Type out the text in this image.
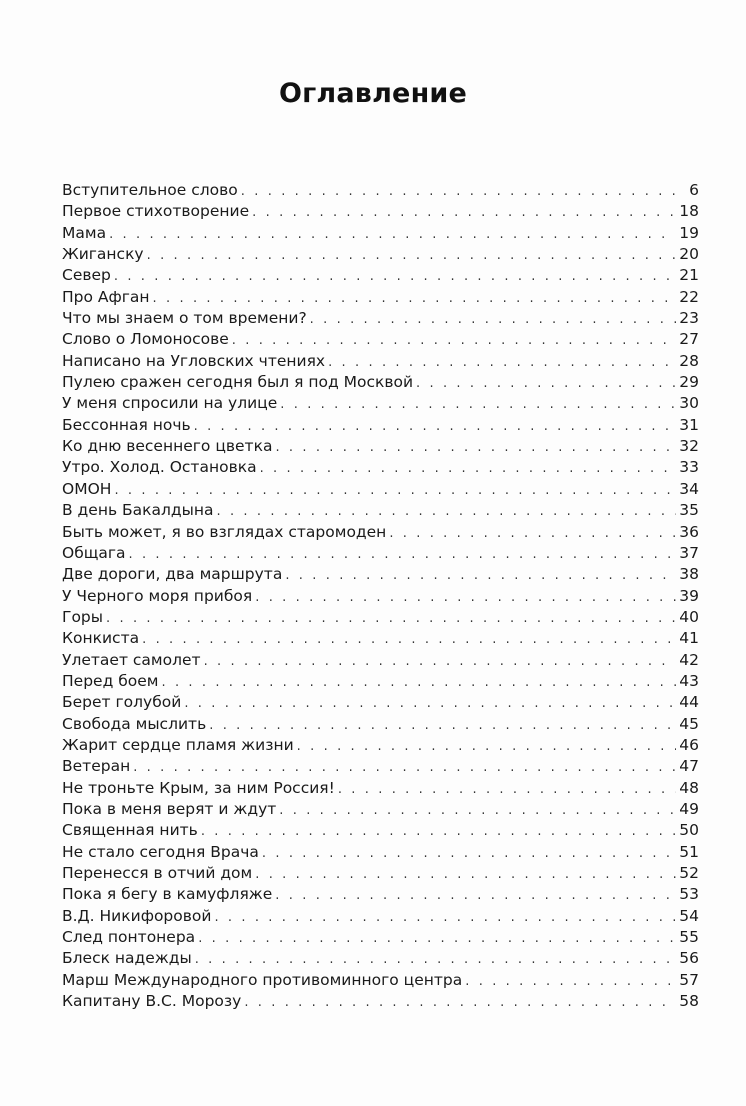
Оглавление
Вступительное слово . . .	6
Первое стихотворение . . .	18
Мама . . .	19
Жиганску . . .	20
Север . . .	21
Про Афган . . .	22
Что мы знаем о том времени? . . .	23
Слово о Ломоносове . . .	27
Написано на Угловских чтениях . . .	28
Пулею сражен сегодня был я под Москвой . . .	29
У меня спросили на улице . . .	30
Бессонная ночь . . .	31
Ко дню весеннего цветка . . .	32
Утро. Холод. Остановка . . .	33
ОМОН . . .	34
В день Бакалдына . . .	35
Быть может, я во взглядах старомоден . . .	36
Общага . . .	37
Две дороги, два маршрута . . .	38
У Черного моря прибоя . . .	39
Горы . . .	40
Конкиста . . .	41
Улетает самолет . . .	42
Перед боем . . .	43
Берет голубой . . .	44
Свобода мыслить . . .	45
Жарит сердце пламя жизни . . .	46
Ветеран . . .	47
Не троньте Крым, за ним Россия! . . .	48
Пока в меня верят и ждут . . .	49
Священная нить . . .	50
Не стало сегодня Врача . . .	51
Перенесся в отчий дом . . .	52
Пока я бегу в камуфляже . . .	53
В.Д. Никифоровой . . .	54
След понтонера . . .	55
Блеск надежды . . .	56
Марш Международного противоминного центра . . .	57
Капитану В.С. Морозу . . .	58
